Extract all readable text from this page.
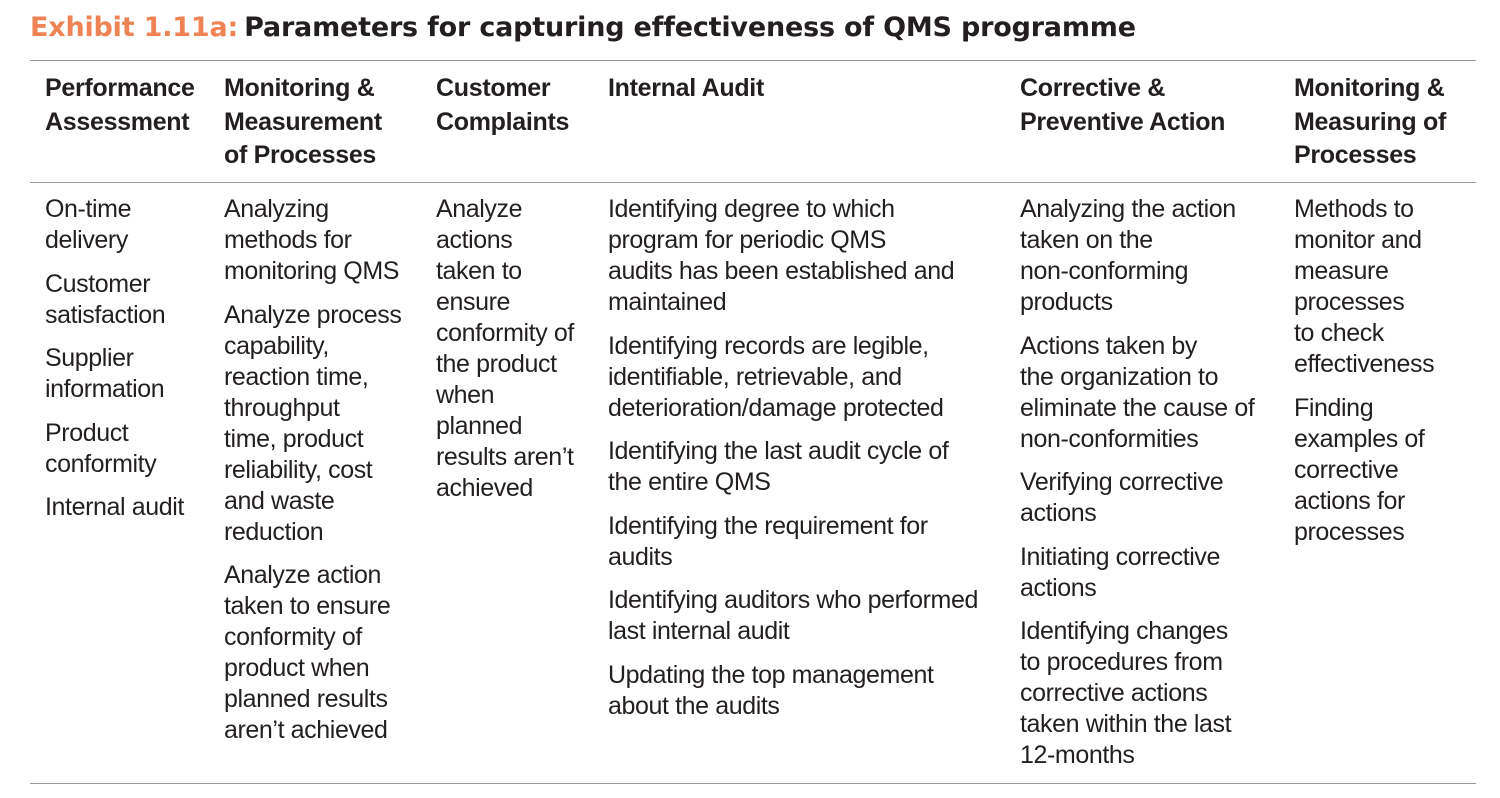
Exhibit 1.11a: Parameters for capturing effectiveness of QMS programme
Performance
Assessment
On-time
delivery
Customer
satisfaction
Supplier
information
Product
conformity
Internal audit
Monitoring &
Measurement
of Processes
Analyzing
methods for
monitoring QMS
Analyze process
capability,
reaction time,
throughput
time, product
reliability, cost
and waste
reduction
Analyze action
taken to ensure
conformity of
product when
planned results
aren’t achieved
Customer
Complaints
Analyze
actions
taken to
ensure
conformity of
the product
when
planned
results aren’t
achieved
Internal Audit
Identifying degree to which
program for periodic QMS
audits has been established and
maintained
Identifying records are legible,
identifiable, retrievable, and
deterioration/damage protected
Identifying the last audit cycle of
the entire QMS
Identifying the requirement for
audits
Identifying auditors who performed
last internal audit
Updating the top management
about the audits
Corrective &
Preventive Action
Analyzing the action
taken on the
non-conforming
products
Actions taken by
the organization to
eliminate the cause of
non-conformities
Verifying corrective
actions
Initiating corrective
actions
Identifying changes
to procedures from
corrective actions
taken within the last
12-months
Monitoring &
Measuring of
Processes
Methods to
monitor and
measure
processes
to check
effectiveness
Finding
examples of
corrective
actions for
processes
